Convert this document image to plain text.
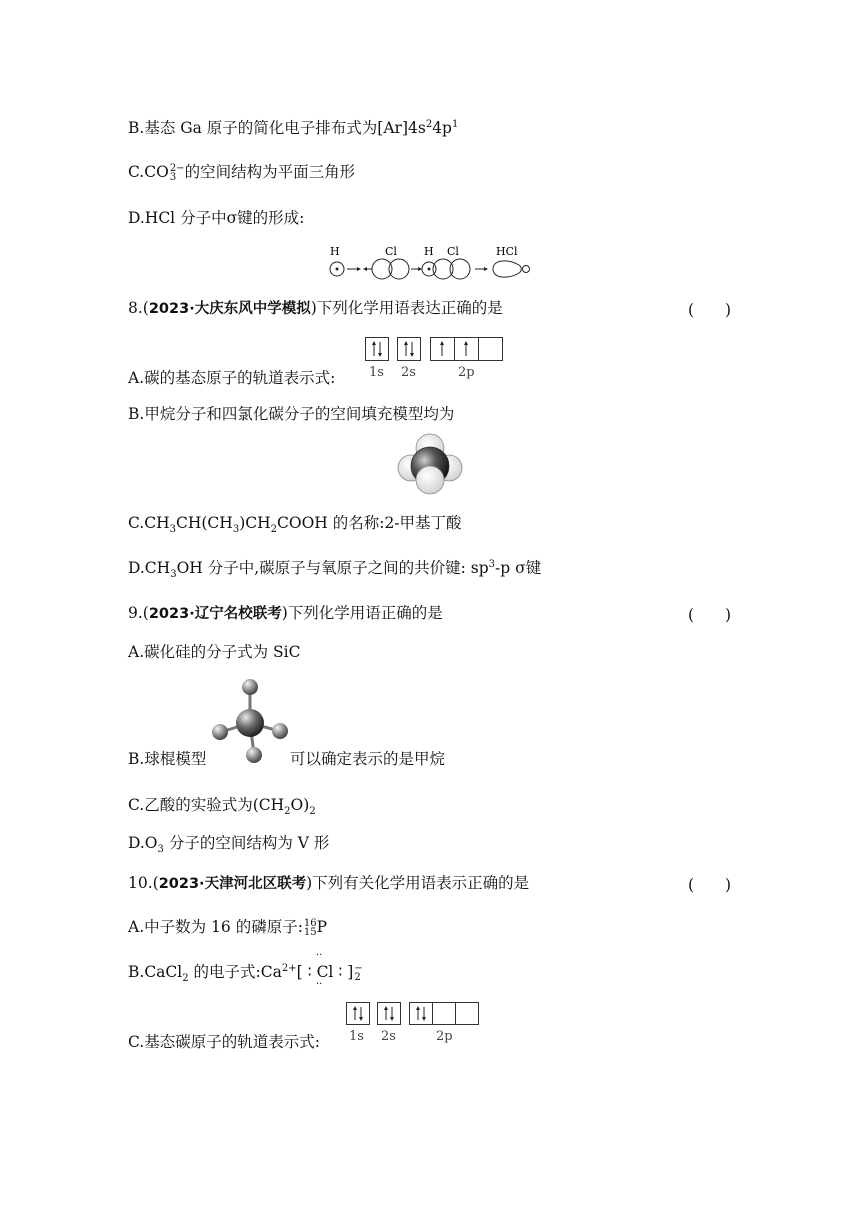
B.基态 Ga 原子的简化电子排布式为$[Ar]4s^24p^1$
C.CO 2−
3 的空间结构为平面三角形
D.HCl 分子中σ键的形成:
H	Cl H Cl	HCl
8.(2023·大庆东风中学模拟)下列化学用语表达正确的是	(　　)
1s 2s	2p
A.碳的基态原子的轨道表示式:
B.甲烷分子和四氯化碳分子的空间填充模型均为
$C.CH_3CH(CH_3)CH_2COOH$ 的名称:2-甲基丁酸
$D.CH_3OH$ 分子中,碳原子与氧原子之间的共价键: $sp^3-p$ σ键
9.(2023·辽宁名校联考)下列化学用语正确的是	(　　)
A.碳化硅的分子式为 SiC
B.球棍模型	可以确定表示的是甲烷
C.乙酸的实验式为$(CH_2O)_2$
$D.O_3$ 分子的空间结构为 V 形
10.(2023·天津河北区联考)下列有关化学用语表示正确的是	(　　)
A.中子数为 16 的磷原子: 16
15 P
B.CaCl$_2$ 的电子式$:Ca^{2+}$[ ∶ Cl ∶ ] −
2
··
··
1s 2s	2p
C.基态碳原子的轨道表示式:
